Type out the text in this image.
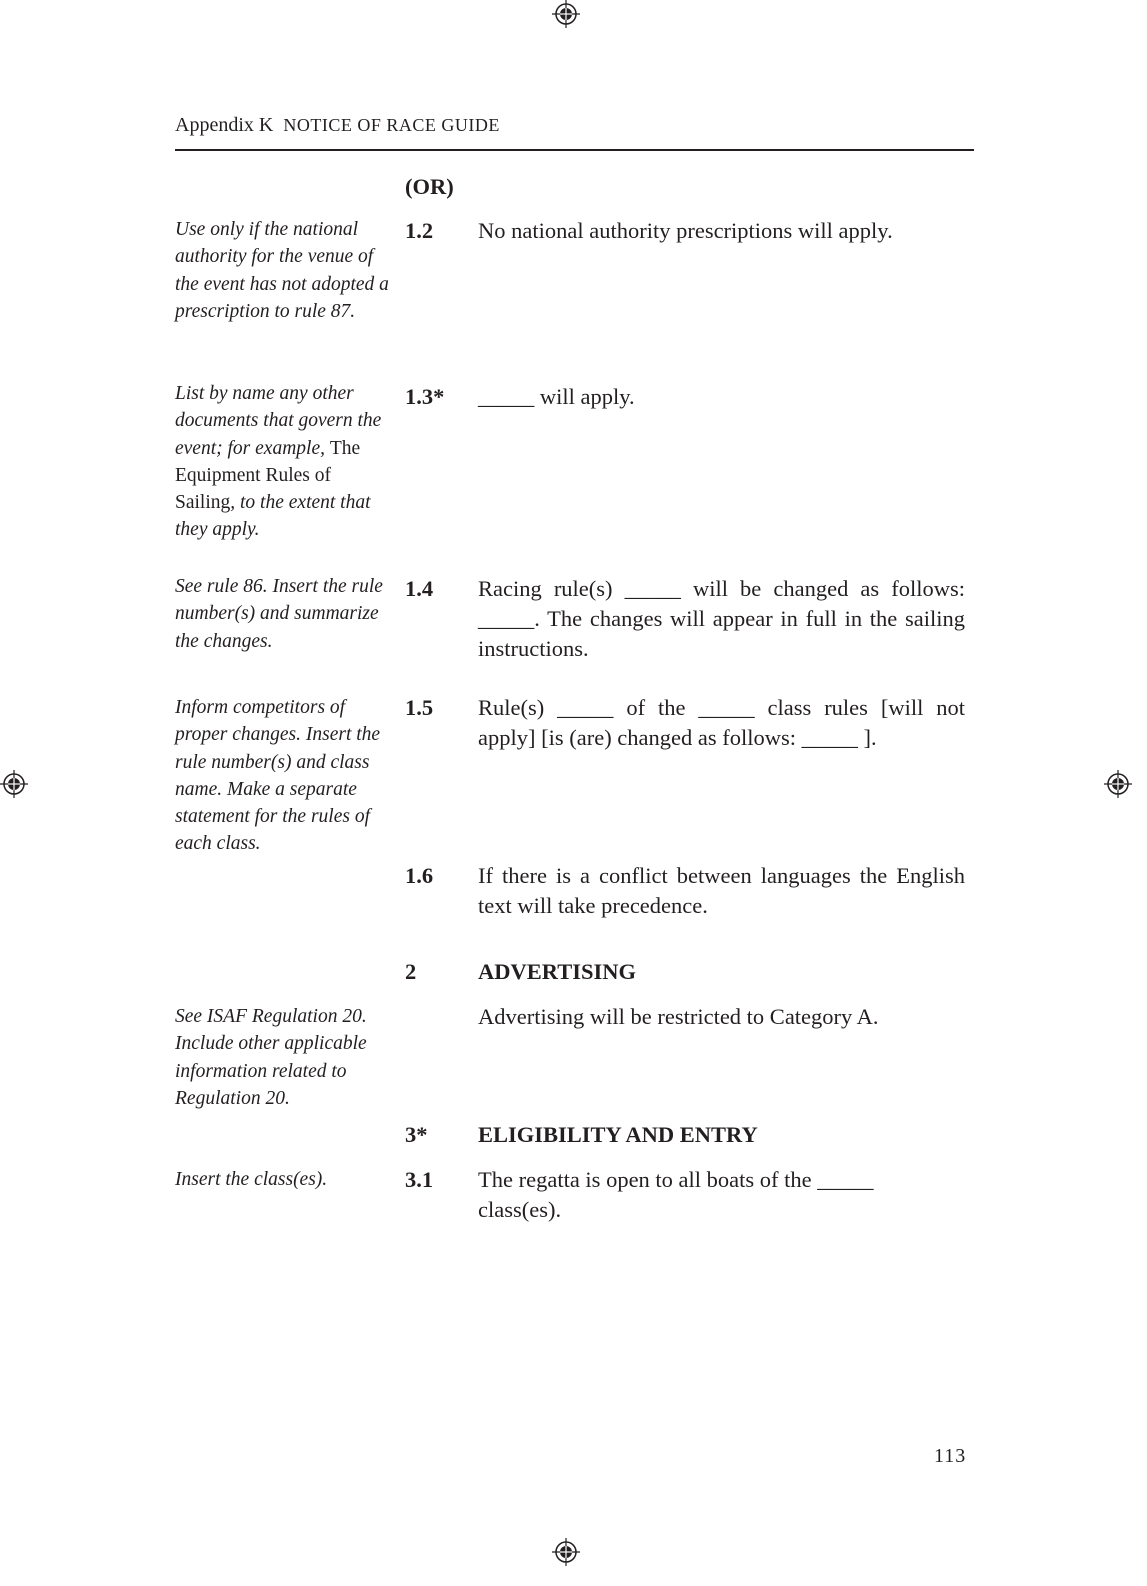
Appendix K NOTICE OF RACE GUIDE
(OR)
Use only if the national authority for the venue of the event has not adopted a prescription to rule 87.
1.2 No national authority prescriptions will apply.
List by name any other documents that govern the event; for example, The Equipment Rules of Sailing, to the extent that they apply.
1.3* _____ will apply.
See rule 86. Insert the rule number(s) and summarize the changes.
1.4 Racing rule(s) _____ will be changed as follows: _____. The changes will appear in full in the sailing instructions.
Inform competitors of proper changes. Insert the rule number(s) and class name. Make a separate statement for the rules of each class.
1.5 Rule(s) _____ of the _____ class rules [will not apply] [is (are) changed as follows: _____ ].
1.6 If there is a conflict between languages the English text will take precedence.
2	ADVERTISING
See ISAF Regulation 20. Include other applicable information related to Regulation 20.
Advertising will be restricted to Category A.
3* ELIGIBILITY AND ENTRY
Insert the class(es).	3.1 The regatta is open to all boats of the _____ class(es).
113
